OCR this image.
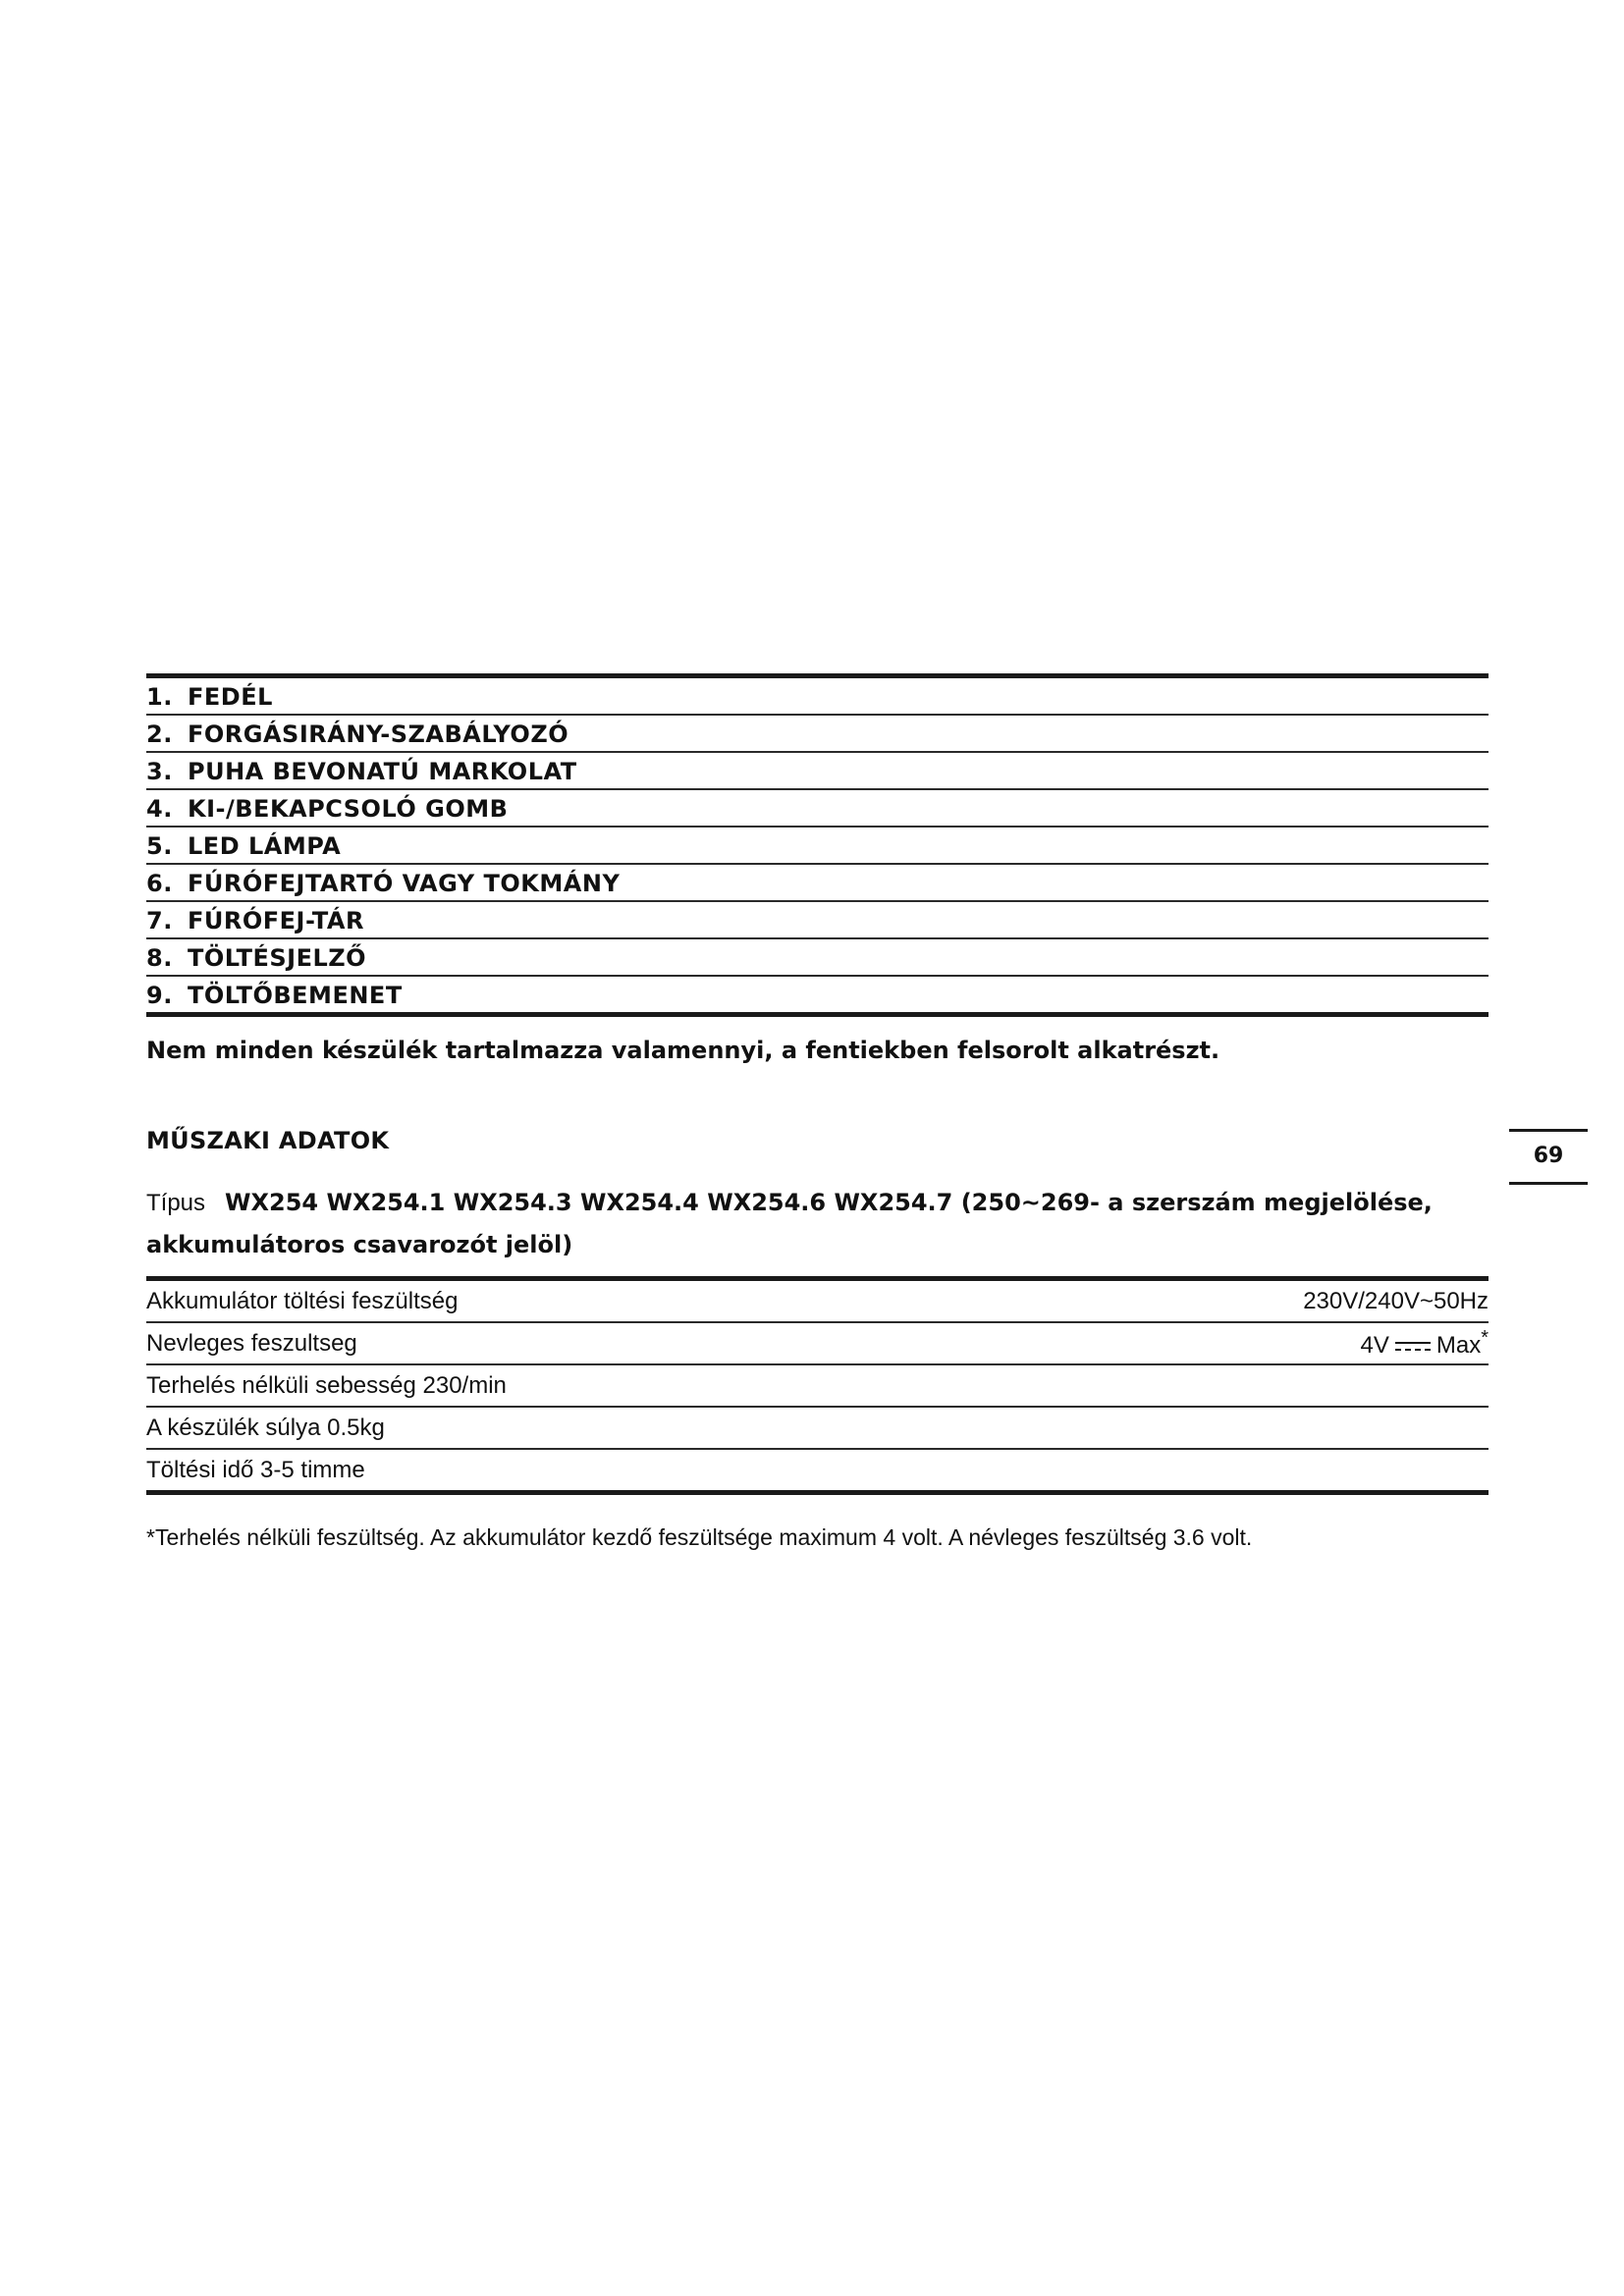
1. FEDÉL
2. FORGÁSIRÁNY-SZABÁLYOZÓ
3. PUHA BEVONATÚ MARKOLAT
4. KI-/BEKAPCSOLÓ GOMB
5. LED LÁMPA
6. FÚRÓFEJTARTÓ VAGY TOKMÁNY
7. FÚRÓFEJ-TÁR
8. TÖLTÉSJELZŐ
9. TÖLTŐBEMENET
Nem minden készülék tartalmazza valamennyi, a fentiekben felsorolt alkatrészt.
MŰSZAKI ADATOK
Típus WX254 WX254.1 WX254.3 WX254.4 WX254.6 WX254.7 (250~269- a szerszám megjelölése, akkumulátoros csavarozót jelöl)
Akkumulátor töltési feszültség	230V/240V~50Hz
Nevleges feszultseg	4V Max*
Terhelés nélküli sebesség 230/min
A készülék súlya 0.5kg
Töltési idő 3-5 timme
*Terhelés nélküli feszültség. Az akkumulátor kezdő feszültsége maximum 4 volt. A névleges feszültség 3.6 volt.
69
